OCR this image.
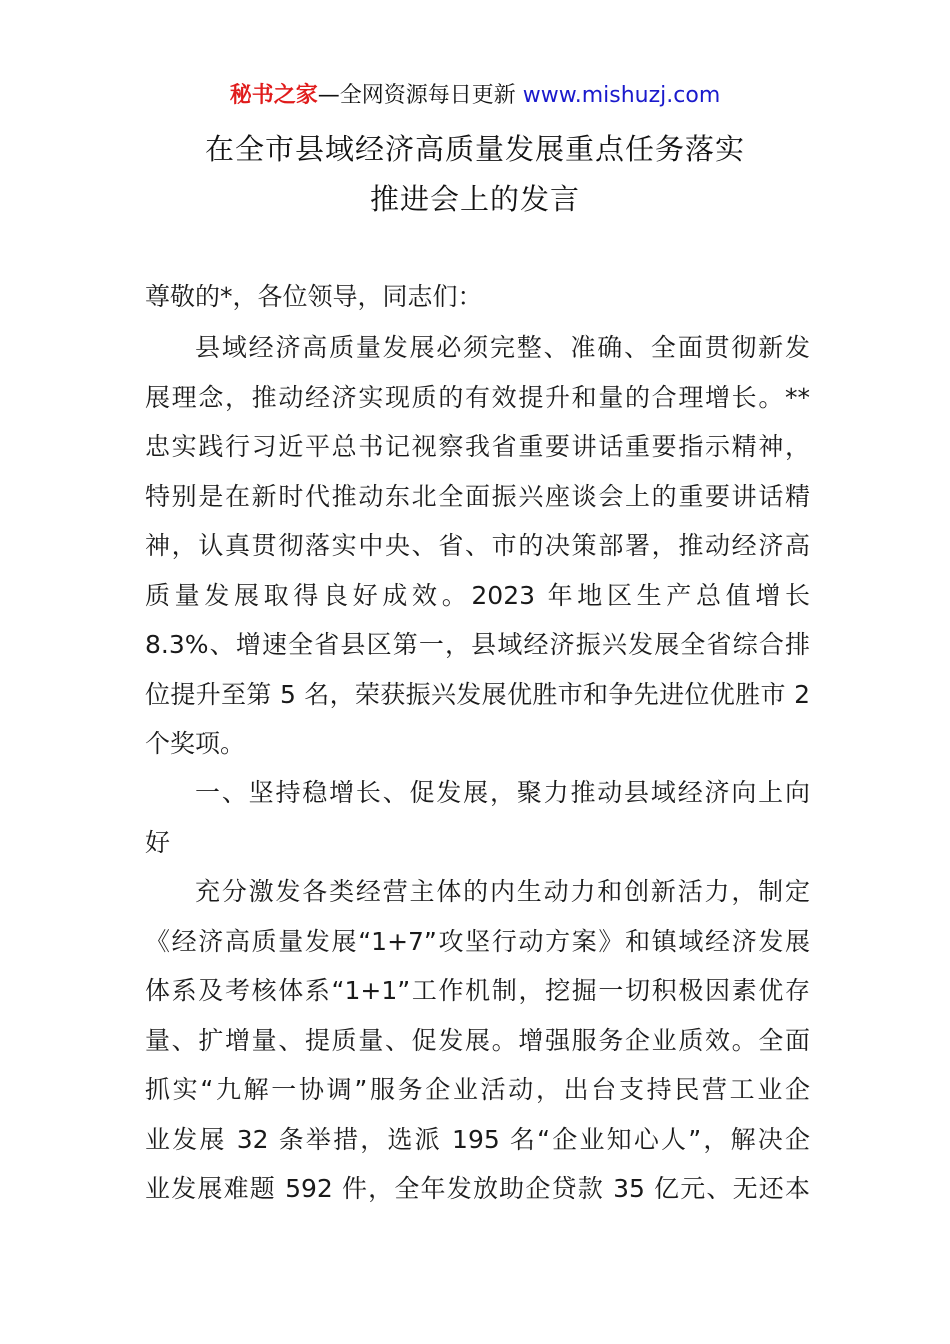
秘书之家—全网资源每日更新 www.mishuzj.com
在全市县域经济高质量发展重点任务落实
推进会上的发言
尊敬的*，各位领导，同志们：
县域经济高质量发展必须完整、准确、全面贯彻新发
展理念，推动经济实现质的有效提升和量的合理增长。**
忠实践行习近平总书记视察我省重要讲话重要指示精神，
特别是在新时代推动东北全面振兴座谈会上的重要讲话精
神，认真贯彻落实中央、省、市的决策部署，推动经济高
质量发展取得良好成效。2023 年地区生产总值增长
8.3%、增速全省县区第一，县域经济振兴发展全省综合排
位提升至第 5 名，荣获振兴发展优胜市和争先进位优胜市 2
个奖项。
一、坚持稳增长、促发展，聚力推动县域经济向上向
好
充分激发各类经营主体的内生动力和创新活力，制定
《经济高质量发展“1+7”攻坚行动方案》和镇域经济发展
体系及考核体系“1+1”工作机制，挖掘一切积极因素优存
量、扩增量、提质量、促发展。增强服务企业质效。全面
抓实“九解一协调”服务企业活动，出台支持民营工业企
业发展 32 条举措，选派 195 名“企业知心人”，解决企
业发展难题 592 件，全年发放助企贷款 35 亿元、无还本
